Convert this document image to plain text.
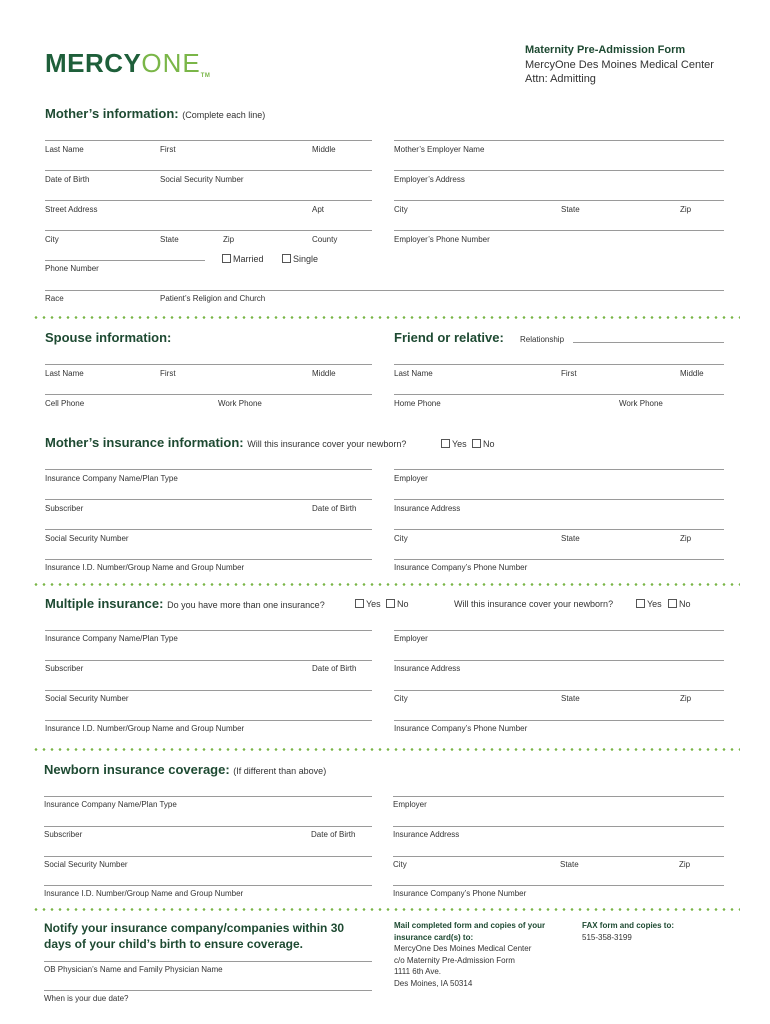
MERCYONETM
Maternity Pre-Admission Form
MercyOne Des Moines Medical Center
Attn: Admitting
Mother’s information: (Complete each line)
Last Name	First	Middle	Mother’s Employer Name
Date of Birth	Social Security Number	Employer’s Address
Street Address	Apt	City	State	Zip
City	State	Zip	County	Employer’s Phone Number
Married	Single
Phone Number
Race	Patient’s Religion and Church
Spouse information:	Friend or relative: Relationship
Last Name	First	Middle	Last Name	First	Middle
Cell Phone	Work Phone	Home Phone	Work Phone
Mother’s insurance information: Will this insurance cover your newborn?	Yes	No
Insurance Company Name/Plan Type	Employer
Subscriber	Date of Birth	Insurance Address
Social Security Number	City	State	Zip
Insurance I.D. Number/Group Name and Group Number	Insurance Company’s Phone Number
Multiple insurance: Do you have more than one insurance?	Yes	No	Will this insurance cover your newborn?	Yes	No
Insurance Company Name/Plan Type	Employer
Subscriber	Date of Birth	Insurance Address
Social Security Number	City	State	Zip
Insurance I.D. Number/Group Name and Group Number	Insurance Company’s Phone Number
Newborn insurance coverage: (If different than above)
Insurance Company Name/Plan Type	Employer
Subscriber	Date of Birth	Insurance Address
Social Security Number	City	State	Zip
Insurance I.D. Number/Group Name and Group Number	Insurance Company’s Phone Number
Notify your insurance company/companies within 30 days of your child’s birth to ensure coverage.
OB Physician’s Name and Family Physician Name
When is your due date?
Mail completed form and copies of your insurance card(s) to:
MercyOne Des Moines Medical Center
c/o Maternity Pre-Admission Form
1111 6th Ave.
Des Moines, IA 50314
FAX form and copies to:
515-358-3199
